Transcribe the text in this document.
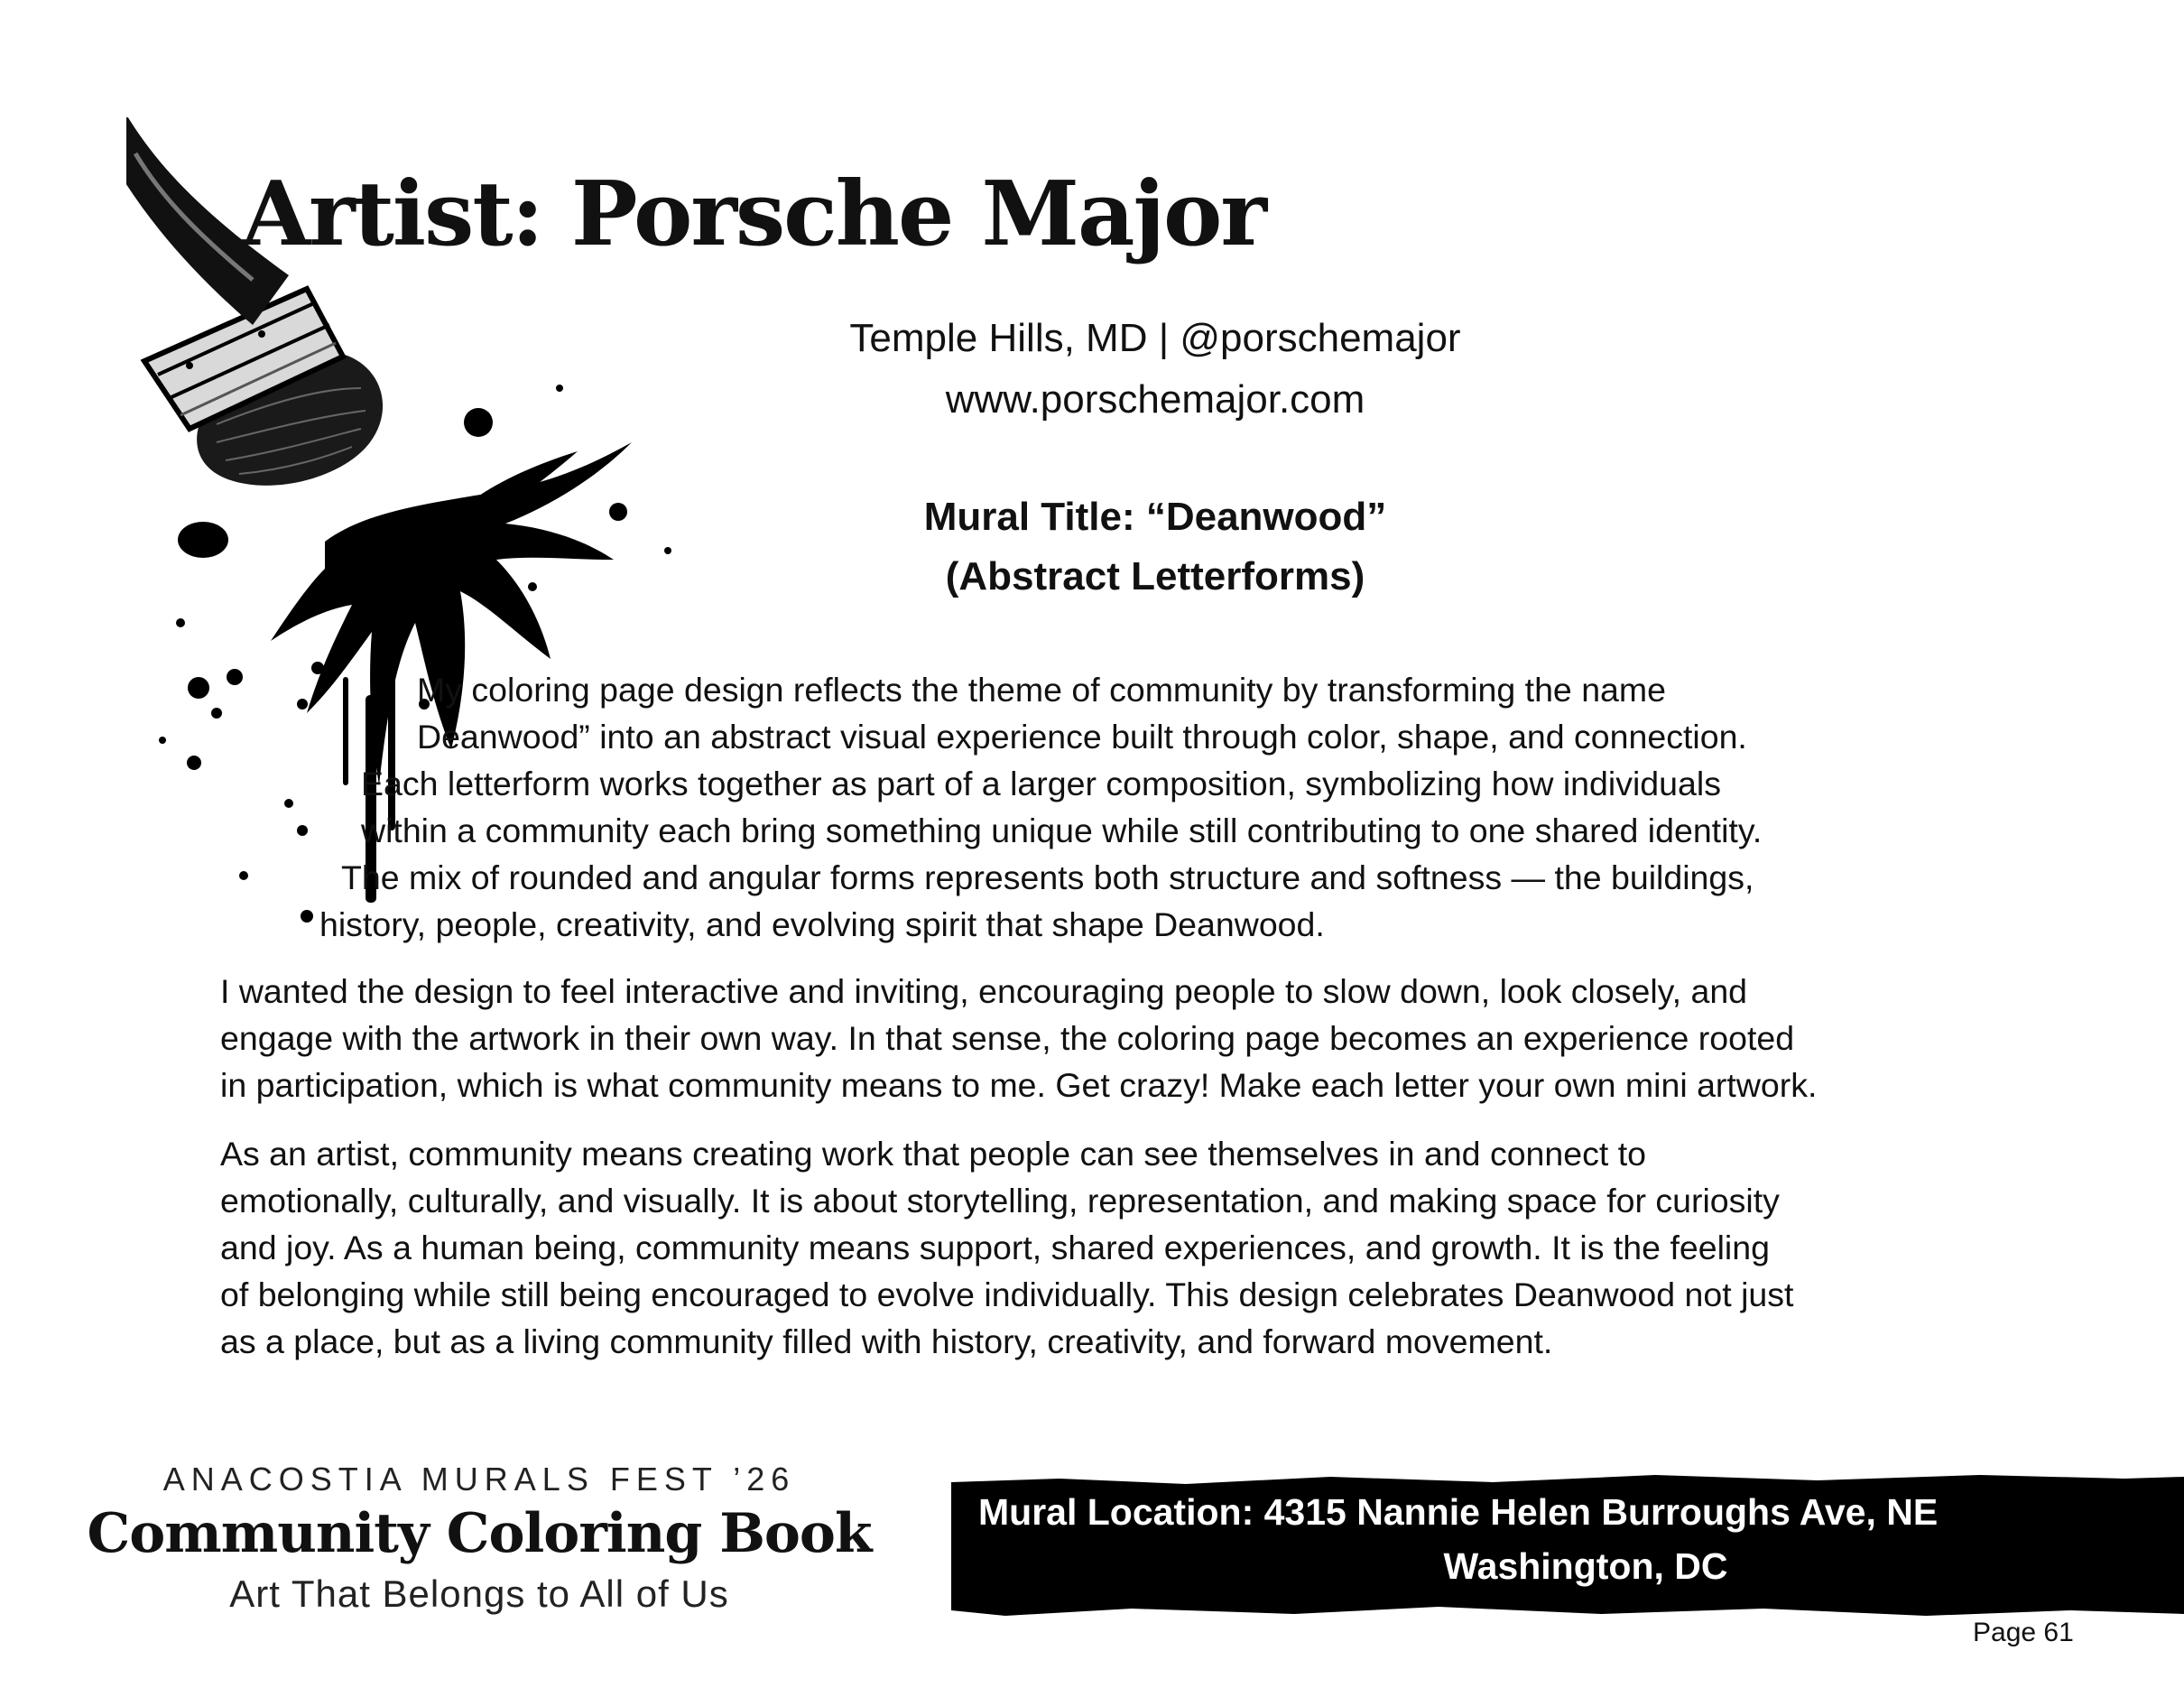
Artist: Porsche Major
Temple Hills, MD | @porschemajor
www.porschemajor.com
Mural Title: “Deanwood”
(Abstract Letterforms)

My coloring page design reflects the theme of community by transforming the name

Deanwood” into an abstract visual experience built through color, shape, and connection.

Each letterform works together as part of a larger composition, symbolizing how individuals

within a community each bring something unique while still contributing to one shared identity.

The mix of rounded and angular forms represents both structure and softness — the buildings,

history, people, creativity, and evolving spirit that shape Deanwood.

I wanted the design to feel interactive and inviting, encouraging people to slow down, look closely, and

engage with the artwork in their own way. In that sense, the coloring page becomes an experience rooted

in participation, which is what community means to me. Get crazy! Make each letter your own mini artwork.

As an artist, community means creating work that people can see themselves in and connect to

emotionally, culturally, and visually. It is about storytelling, representation, and making space for curiosity

and joy. As a human being, community means support, shared experiences, and growth. It is the feeling

of belonging while still being encouraged to evolve individually. This design celebrates Deanwood not just

as a place, but as a living community filled with history, creativity, and forward movement.

ANACOSTIA MURALS FEST ’26
Community Coloring Book
Art That Belongs to All of Us
Mural Location: 4315 Nannie Helen Burroughs Ave, NE
Washington, DC
Page 61
